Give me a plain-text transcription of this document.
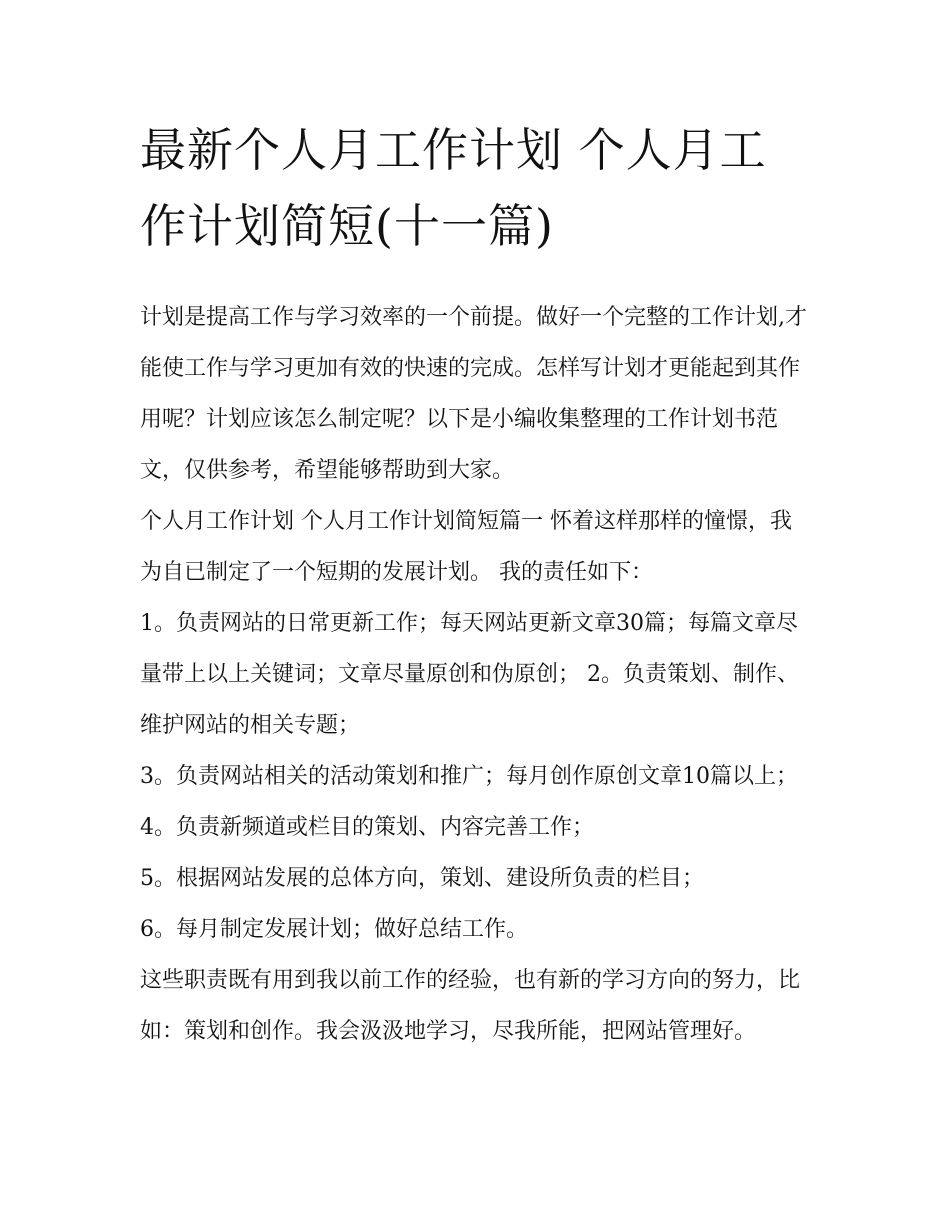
最新个人月工作计划 个人月工作计划简短(十一篇)

计划是提高工作与学习效率的一个前提。做好一个完整的工作计划,才能使工作与学习更加有效的快速的完成。怎样写计划才更能起到其作用呢？计划应该怎么制定呢？以下是小编收集整理的工作计划书范文，仅供参考，希望能够帮助到大家。

个人月工作计划 个人月工作计划简短篇一 怀着这样那样的憧憬，我为自已制定了一个短期的发展计划。 我的责任如下：

1。负责网站的日常更新工作；每天网站更新文章30篇；每篇文章尽量带上以上关键词；文章尽量原创和伪原创； 2。负责策划、制作、维护网站的相关专题；

3。负责网站相关的活动策划和推广；每月创作原创文章10篇以上； 4。负责新频道或栏目的策划、内容完善工作；

5。根据网站发展的总体方向，策划、建设所负责的栏目；

6。每月制定发展计划；做好总结工作。

这些职责既有用到我以前工作的经验，也有新的学习方向的努力，比如：策划和创作。我会汲汲地学习，尽我所能，把网站管理好。
